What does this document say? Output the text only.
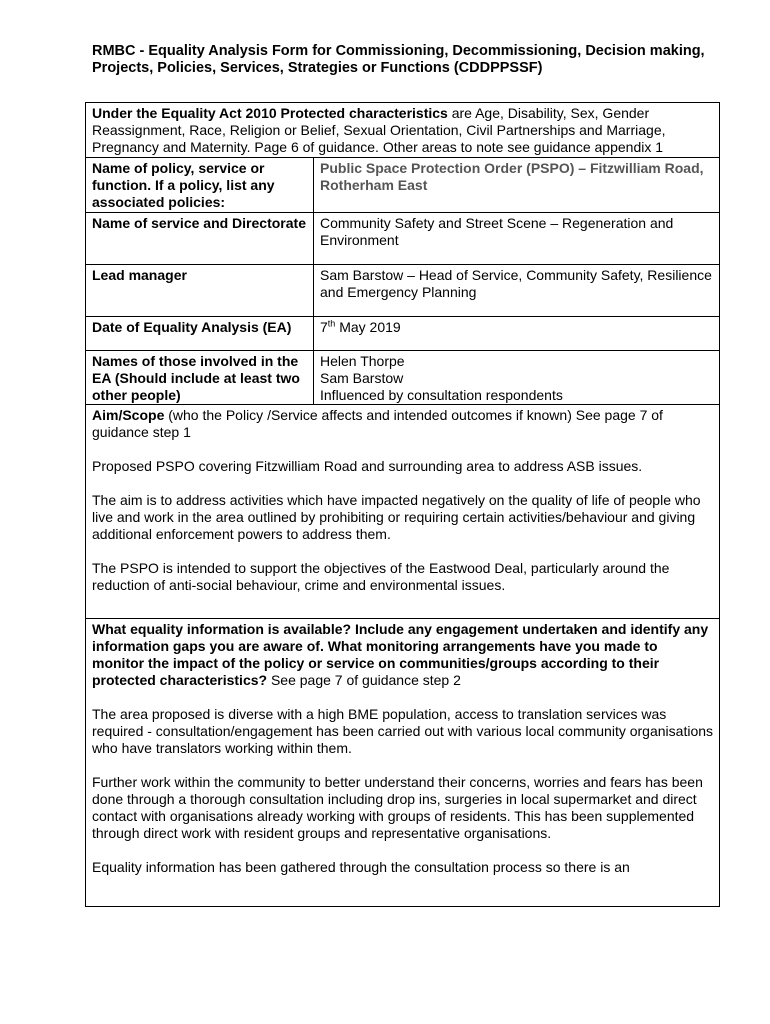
RMBC - Equality Analysis Form for Commissioning, Decommissioning, Decision making, Projects, Policies, Services, Strategies or Functions (CDDPPSSF)
Under the Equality Act 2010 Protected characteristics are Age, Disability, Sex, Gender Reassignment, Race, Religion or Belief, Sexual Orientation, Civil Partnerships and Marriage, Pregnancy and Maternity. Page 6 of guidance. Other areas to note see guidance appendix 1	
Name of policy, service or function. If a policy, list any associated policies:	Public Space Protection Order (PSPO) – Fitzwilliam Road, Rotherham East
Name of service and Directorate	Community Safety and Street Scene – Regeneration and Environment
Lead manager	Sam Barstow – Head of Service, Community Safety, Resilience and Emergency Planning
Date of Equality Analysis (EA)	7th May 2019
Names of those involved in the EA (Should include at least two other people)	Helen Thorpe
Sam Barstow
Influenced by consultation respondents

Aim/Scope (who the Policy /Service affects and intended outcomes if known) See page 7 of guidance step 1
Proposed PSPO covering Fitzwilliam Road and surrounding area to address ASB issues.
The aim is to address activities which have impacted negatively on the quality of life of people who live and work in the area outlined by prohibiting or requiring certain activities/behaviour and giving additional enforcement powers to address them.
The PSPO is intended to support the objectives of the Eastwood Deal, particularly around the reduction of anti-social behaviour, crime and environmental issues.	

What equality information is available? Include any engagement undertaken and identify any information gaps you are aware of. What monitoring arrangements have you made to monitor the impact of the policy or service on communities/groups according to their protected characteristics? See page 7 of guidance step 2
The area proposed is diverse with a high BME population, access to translation services was required - consultation/engagement has been carried out with various local community organisations who have translators working within them.
Further work within the community to better understand their concerns, worries and fears has been done through a thorough consultation including drop ins, surgeries in local supermarket and direct contact with organisations already working with groups of residents. This has been supplemented through direct work with resident groups and representative organisations.
Equality information has been gathered through the consultation process so there is an	
